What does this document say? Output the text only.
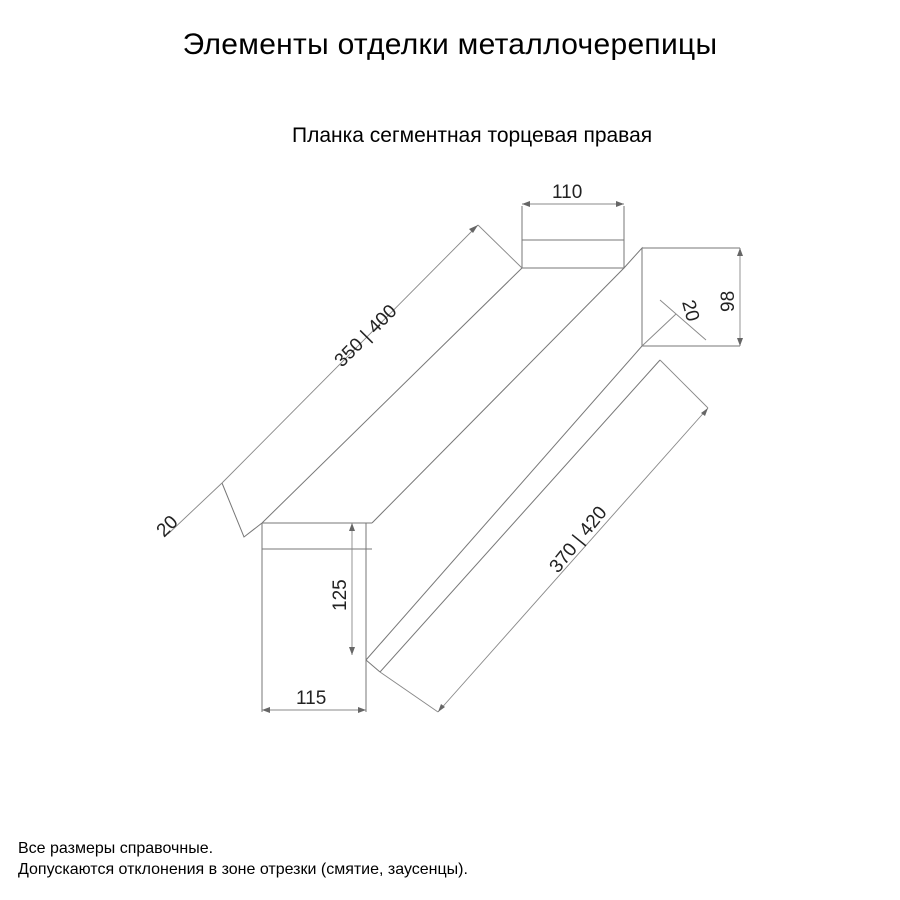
Элементы отделки металлочерепицы
Планка сегментная торцевая правая
110
98
20
350 | 400
20
125
115
370 | 420
Все размеры справочные.
Допускаются отклонения в зоне отрезки (смятие, заусенцы).
